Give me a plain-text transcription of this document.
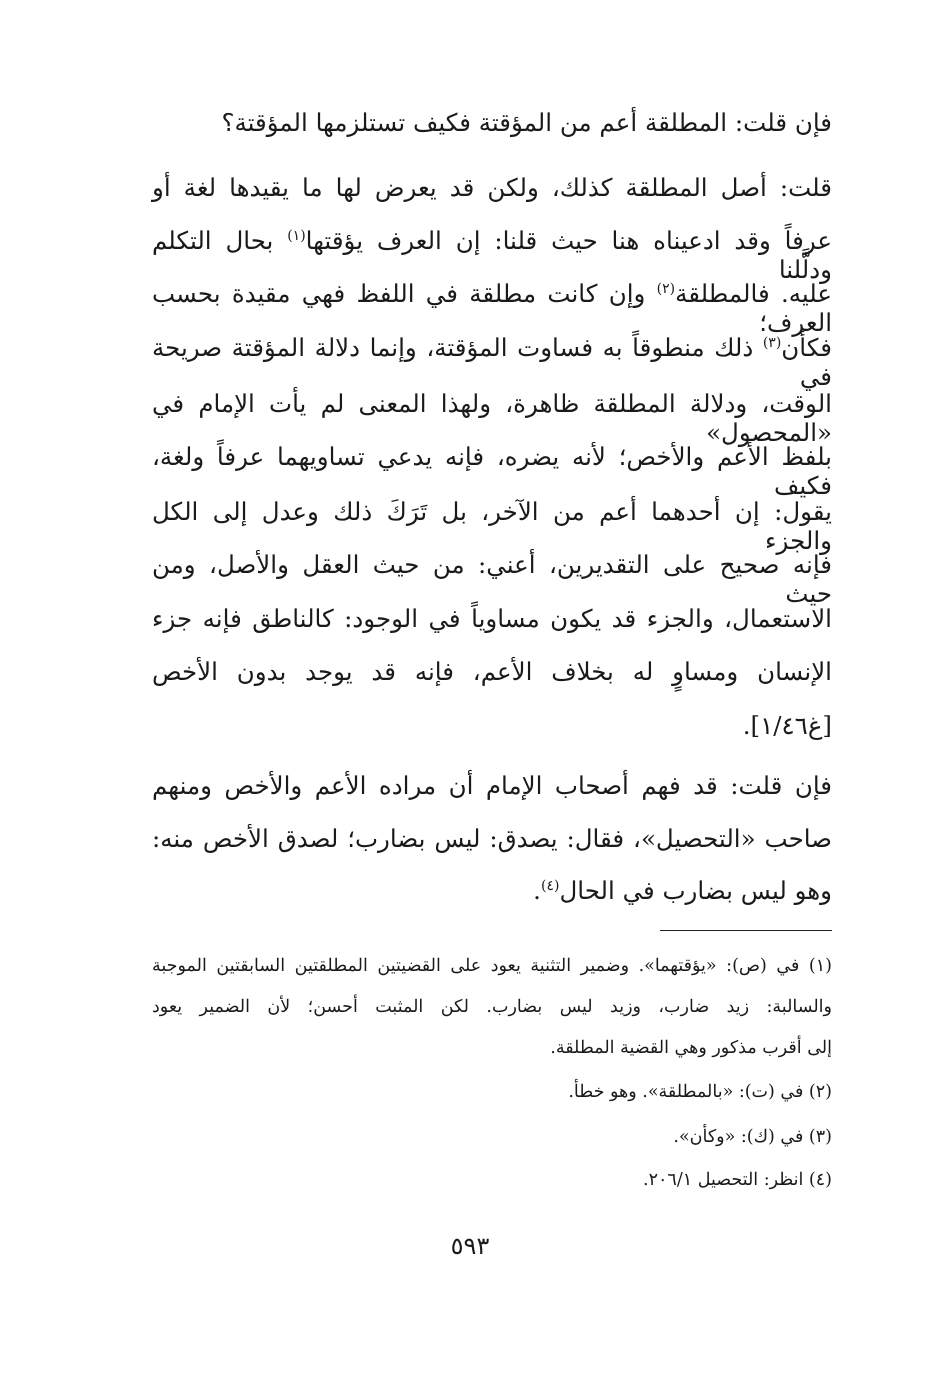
فإن قلت: المطلقة أعم من المؤقتة فكيف تستلزمها المؤقتة؟
قلت: أصل المطلقة كذلك، ولكن قد يعرض لها ما يقيدها لغة أو
عرفاً وقد ادعيناه هنا حيث قلنا: إن العرف يؤقتها$^{(١)}$ بحال التكلم ودلَّلنا
عليه. فالمطلقة$^{(٢)}$ وإن كانت مطلقة في اللفظ فهي مقيدة بحسب العرف؛
فكأن$^{(٣)}$ ذلك منطوقاً به فساوت المؤقتة، وإنما دلالة المؤقتة صريحة في
الوقت، ودلالة المطلقة ظاهرة، ولهذا المعنى لم يأت الإمام في «المحصول»
بلفظ الأعم والأخص؛ لأنه يضره، فإنه يدعي تساويهما عرفاً ولغة، فكيف
يقول: إن أحدهما أعم من الآخر، بل تَرَكَ ذلك وعدل إلى الكل والجزء
فإنه صحيح على التقديرين، أعني: من حيث العقل والأصل، ومن حيث
الاستعمال، والجزء قد يكون مساوياً في الوجود: كالناطق فإنه جزء
الإنسان ومساوٍ له بخلاف الأعم، فإنه قد يوجد بدون الأخص
[غ١/٤٦].
فإن قلت: قد فهم أصحاب الإمام أن مراده الأعم والأخص ومنهم
صاحب «التحصيل»، فقال: يصدق: ليس بضارب؛ لصدق الأخص منه:
وهو ليس بضارب في الحال$^{(٤)}$.
(١) في (ص): «يؤقتهما». وضمير التثنية يعود على القضيتين المطلقتين السابقتين الموجبة
والسالبة: زيد ضارب، وزيد ليس بضارب. لكن المثبت أحسن؛ لأن الضمير يعود
إلى أقرب مذكور وهي القضية المطلقة.
(٢) في (ت): «بالمطلقة». وهو خطأ.
(٣) في (ك): «وكأن».
(٤) انظر: التحصيل ٢٠٦/١.
٥٩٣
